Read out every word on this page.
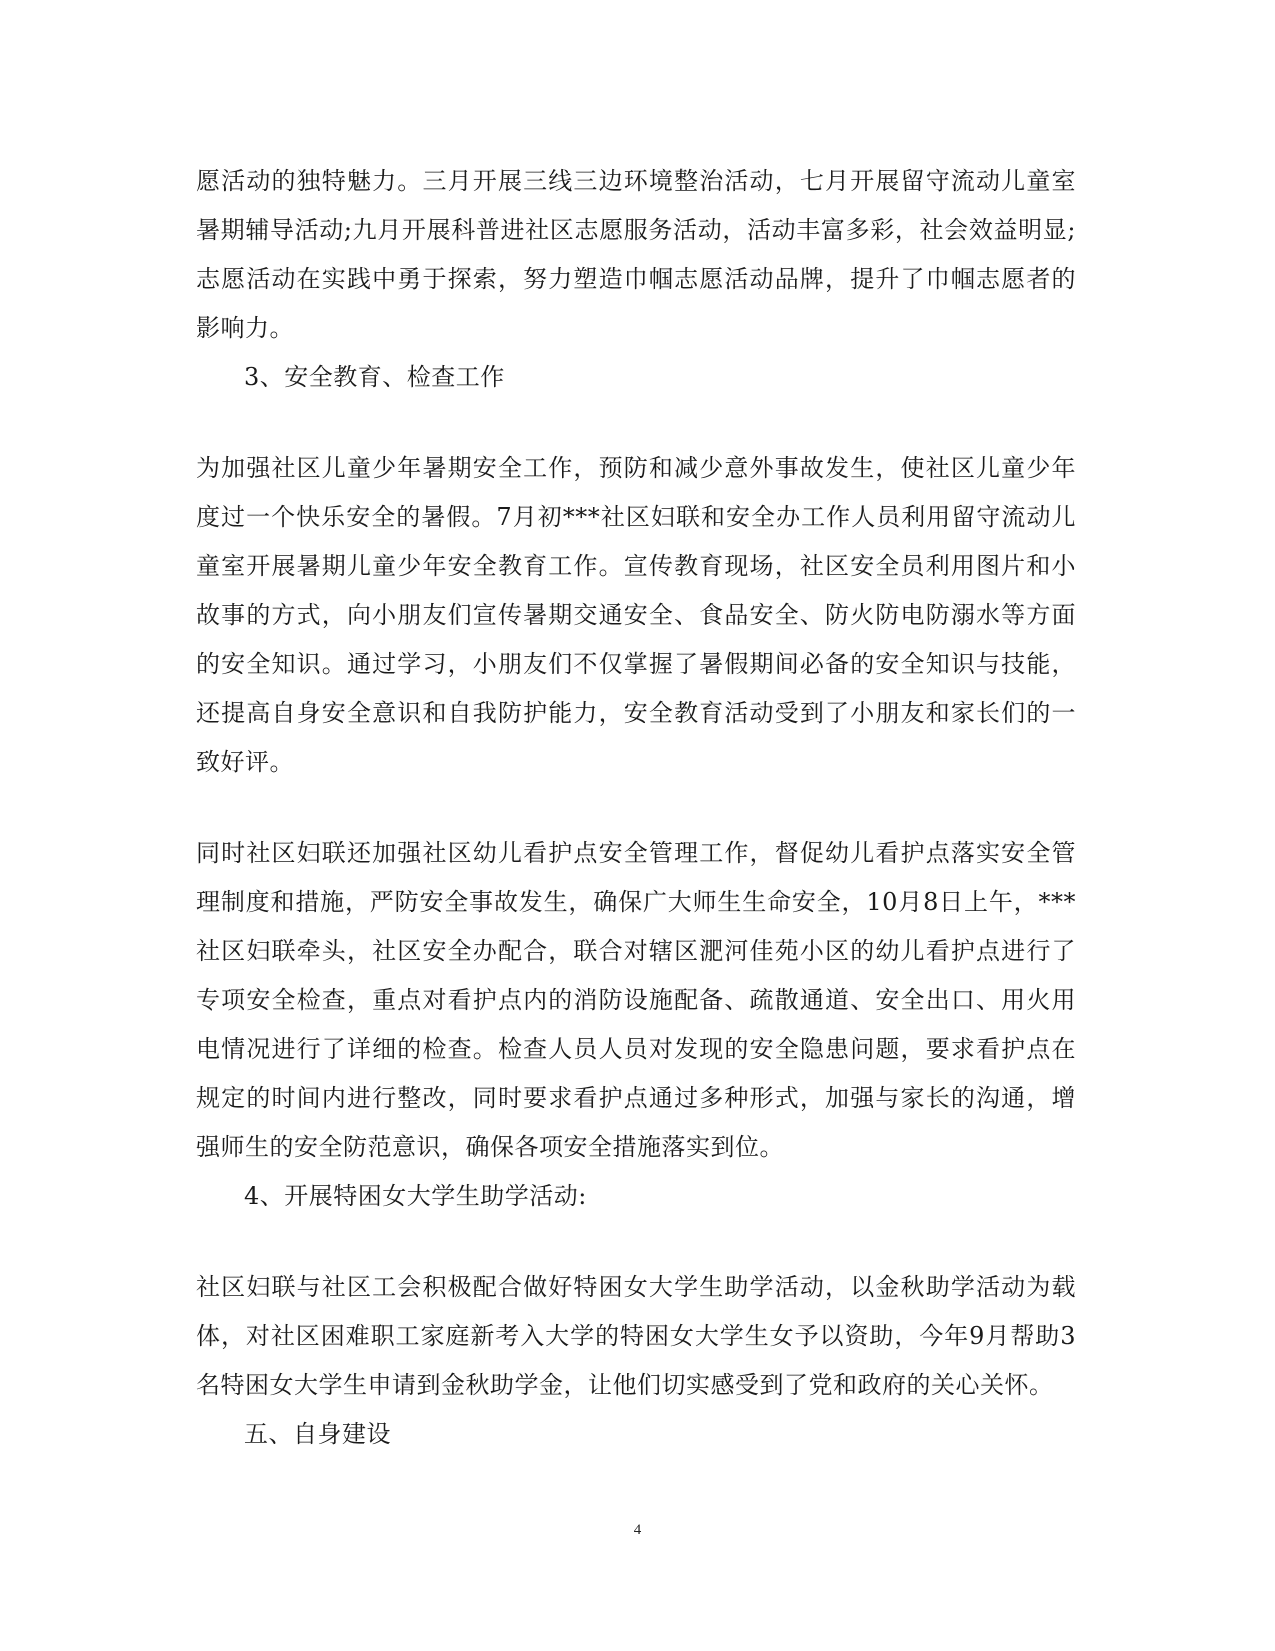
愿活动的独特魅力。三月开展三线三边环境整治活动，七月开展留守流动儿童室暑期辅导活动;九月开展科普进社区志愿服务活动，活动丰富多彩，社会效益明显;志愿活动在实践中勇于探索，努力塑造巾帼志愿活动品牌，提升了巾帼志愿者的影响力。

3、安全教育、检查工作

为加强社区儿童少年暑期安全工作，预防和减少意外事故发生，使社区儿童少年度过一个快乐安全的暑假。7月初***社区妇联和安全办工作人员利用留守流动儿童室开展暑期儿童少年安全教育工作。宣传教育现场，社区安全员利用图片和小故事的方式，向小朋友们宣传暑期交通安全、食品安全、防火防电防溺水等方面的安全知识。通过学习，小朋友们不仅掌握了暑假期间必备的安全知识与技能，还提高自身安全意识和自我防护能力，安全教育活动受到了小朋友和家长们的一致好评。

同时社区妇联还加强社区幼儿看护点安全管理工作，督促幼儿看护点落实安全管理制度和措施，严防安全事故发生，确保广大师生生命安全，10月8日上午，***社区妇联牵头，社区安全办配合，联合对辖区淝河佳苑小区的幼儿看护点进行了专项安全检查，重点对看护点内的消防设施配备、疏散通道、安全出口、用火用电情况进行了详细的检查。检查人员人员对发现的安全隐患问题，要求看护点在规定的时间内进行整改，同时要求看护点通过多种形式，加强与家长的沟通，增强师生的安全防范意识，确保各项安全措施落实到位。

4、开展特困女大学生助学活动:

社区妇联与社区工会积极配合做好特困女大学生助学活动，以金秋助学活动为载体，对社区困难职工家庭新考入大学的特困女大学生女予以资助，今年9月帮助3名特困女大学生申请到金秋助学金，让他们切实感受到了党和政府的关心关怀。

五、自身建设

4
